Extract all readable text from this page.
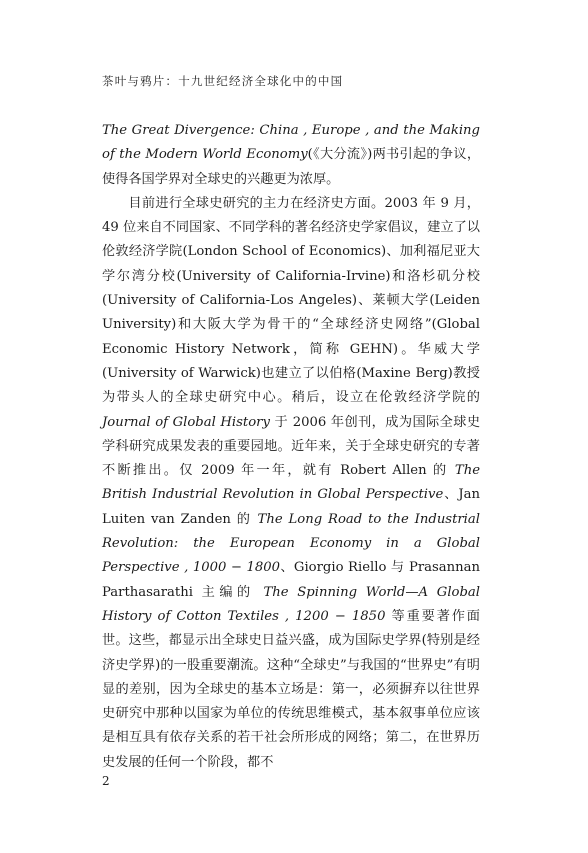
茶叶与鸦片：十九世纪经济全球化中的中国

The Great Divergence: China , Europe , and the Making of the Modern World Economy(《大分流》)两书引起的争议，使得各国学界对全球史的兴趣更为浓厚。

目前进行全球史研究的主力在经济史方面。2003 年 9 月，49 位来自不同国家、不同学科的著名经济史学家倡议，建立了以伦敦经济学院(London School of Economics)、加利福尼亚大学尔湾分校(University of California-Irvine)和洛杉矶分校(University of California-Los Angeles)、莱顿大学(Leiden University)和大阪大学为骨干的“全球经济史网络”(Global Economic History Network，简称 GEHN)。华威大学(University of Warwick)也建立了以伯格(Maxine Berg)教授为带头人的全球史研究中心。稍后，设立在伦敦经济学院的Journal of Global History 于 2006 年创刊，成为国际全球史学科研究成果发表的重要园地。近年来，关于全球史研究的专著不断推出。仅 2009 年一年，就有 Robert Allen 的 The British Industrial Revolution in Global Perspective、Jan Luiten van Zanden 的 The Long Road to the Industrial Revolution: the European Economy in a Global Perspective , 1000 − 1800、Giorgio Riello 与 Prasannan Parthasarathi 主编的 The Spinning World—A Global History of Cotton Textiles , 1200 − 1850 等重要著作面世。这些，都显示出全球史日益兴盛，成为国际史学界(特别是经济史学界)的一股重要潮流。这种“全球史”与我国的“世界史”有明显的差别，因为全球史的基本立场是：第一，必须摒弃以往世界史研究中那种以国家为单位的传统思维模式，基本叙事单位应该是相互具有依存关系的若干社会所形成的网络；第二，在世界历史发展的任何一个阶段，都不

2
